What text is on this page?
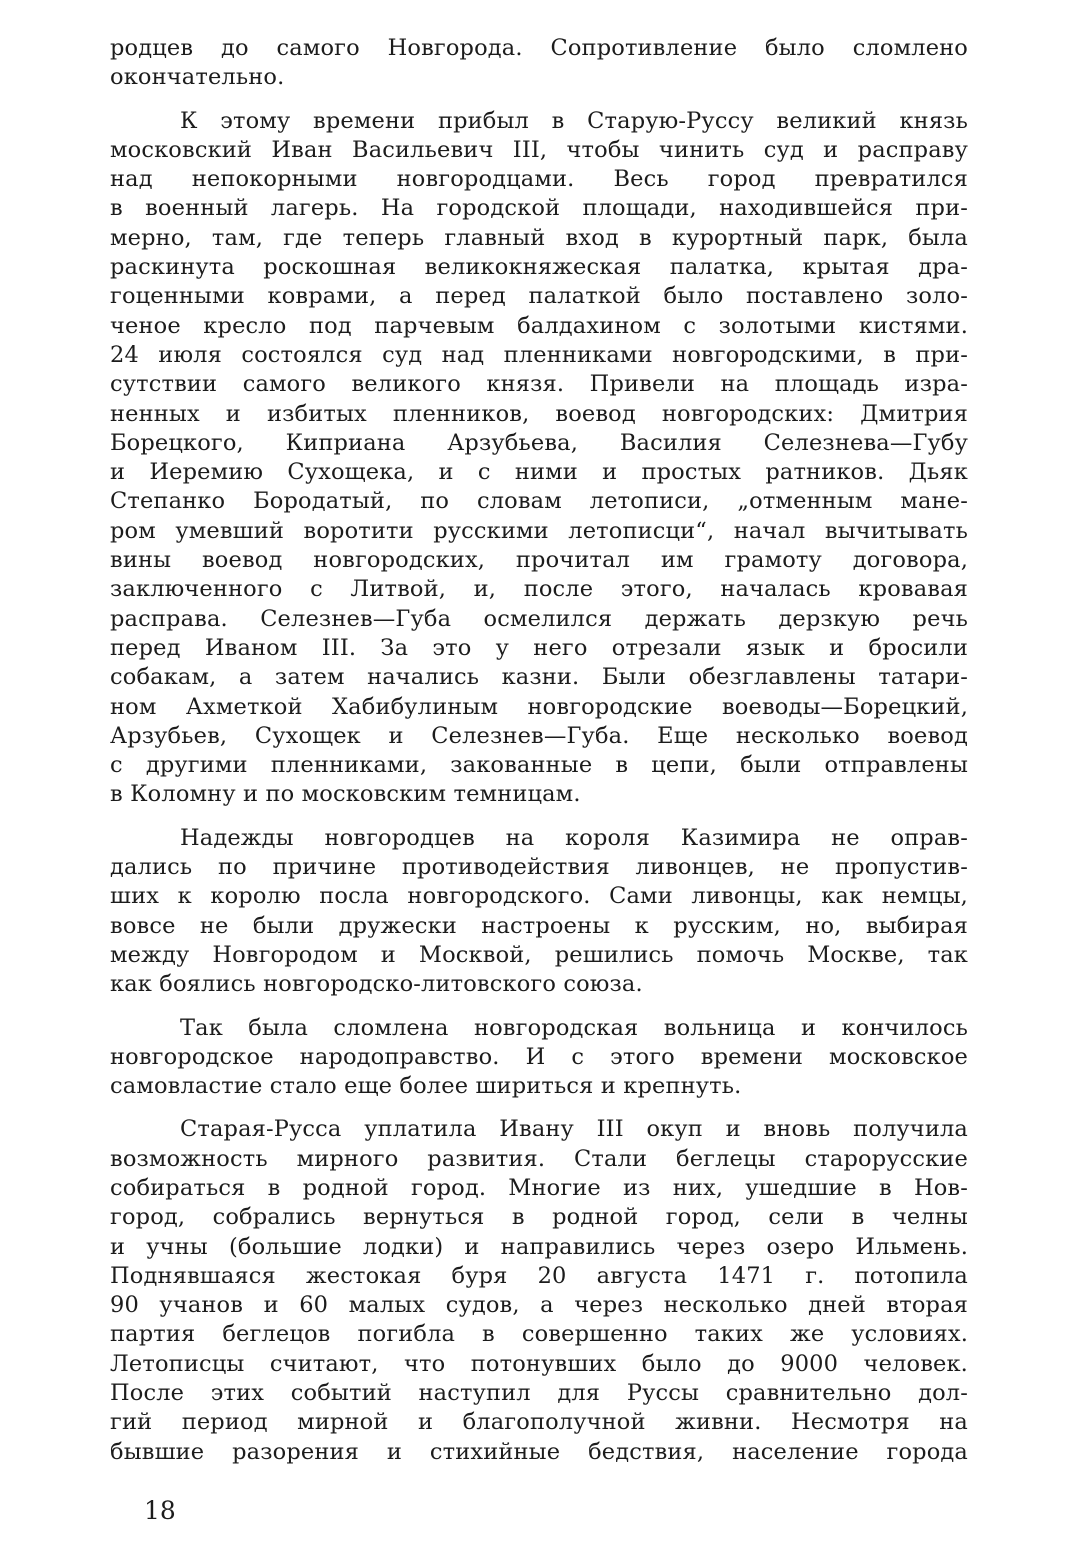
родцев до самого Новгорода. Сопротивление было сломлено
окончательно.
К этому времени прибыл в Старую-Руссу великий князь
московский Иван Васильевич III, чтобы чинить суд и расправу
над непокорными новгородцами. Весь город превратился
в военный лагерь. На городской площади, находившейся при-
мерно, там, где теперь главный вход в курортный парк, была
раскинута роскошная великокняжеская палатка, крытая дра-
гоценными коврами, а перед палаткой было поставлено золо-
ченое кресло под парчевым балдахином с золотыми кистями.
24 июля состоялся суд над пленниками новгородскими, в при-
сутствии самого великого князя. Привели на площадь изра-
ненных и избитых пленников, воевод новгородских: Дмитрия
Борецкого, Киприана Арзубьева, Василия Селезнева—Губу
и Иеремию Сухощека, и с ними и простых ратников. Дьяк
Степанко Бородатый, по словам летописи, „отменным мане-
ром умевший воротити русскими летописци“, начал вычитывать
вины воевод новгородских, прочитал им грамоту договора,
заключенного с Литвой, и, после этого, началась кровавая
расправа. Селезнев—Губа осмелился держать дерзкую речь
перед Иваном III. За это у него отрезали язык и бросили
собакам, а затем начались казни. Были обезглавлены татари-
ном Ахметкой Хабибулиным новгородские воеводы—Борецкий,
Арзубьев, Сухощек и Селезнев—Губа. Еще несколько воевод
с другими пленниками, закованные в цепи, были отправлены
в Коломну и по московским темницам.
Надежды новгородцев на короля Казимира не оправ-
дались по причине противодействия ливонцев, не пропустив-
ших к королю посла новгородского. Сами ливонцы, как немцы,
вовсе не были дружески настроены к русским, но, выбирая
между Новгородом и Москвой, решились помочь Москве, так
как боялись новгородско-литовского союза.
Так была сломлена новгородская вольница и кончилось
новгородское народоправство. И с этого времени московское
самовластие стало еще более шириться и крепнуть.
Старая-Русса уплатила Ивану III окуп и вновь получила
возможность мирного развития. Стали беглецы старорусские
собираться в родной город. Многие из них, ушедшие в Нов-
город, собрались вернуться в родной город, сели в челны
и учны (большие лодки) и направились через озеро Ильмень.
Поднявшаяся жестокая буря 20 августа 1471 г. потопила
90 учанов и 60 малых судов, а через несколько дней вторая
партия беглецов погибла в совершенно таких же условиях.
Летописцы считают, что потонувших было до 9000 человек.
После этих событий наступил для Руссы сравнительно дол-
гий период мирной и благополучной живни. Несмотря на
бывшие разорения и стихийные бедствия, население города
18
